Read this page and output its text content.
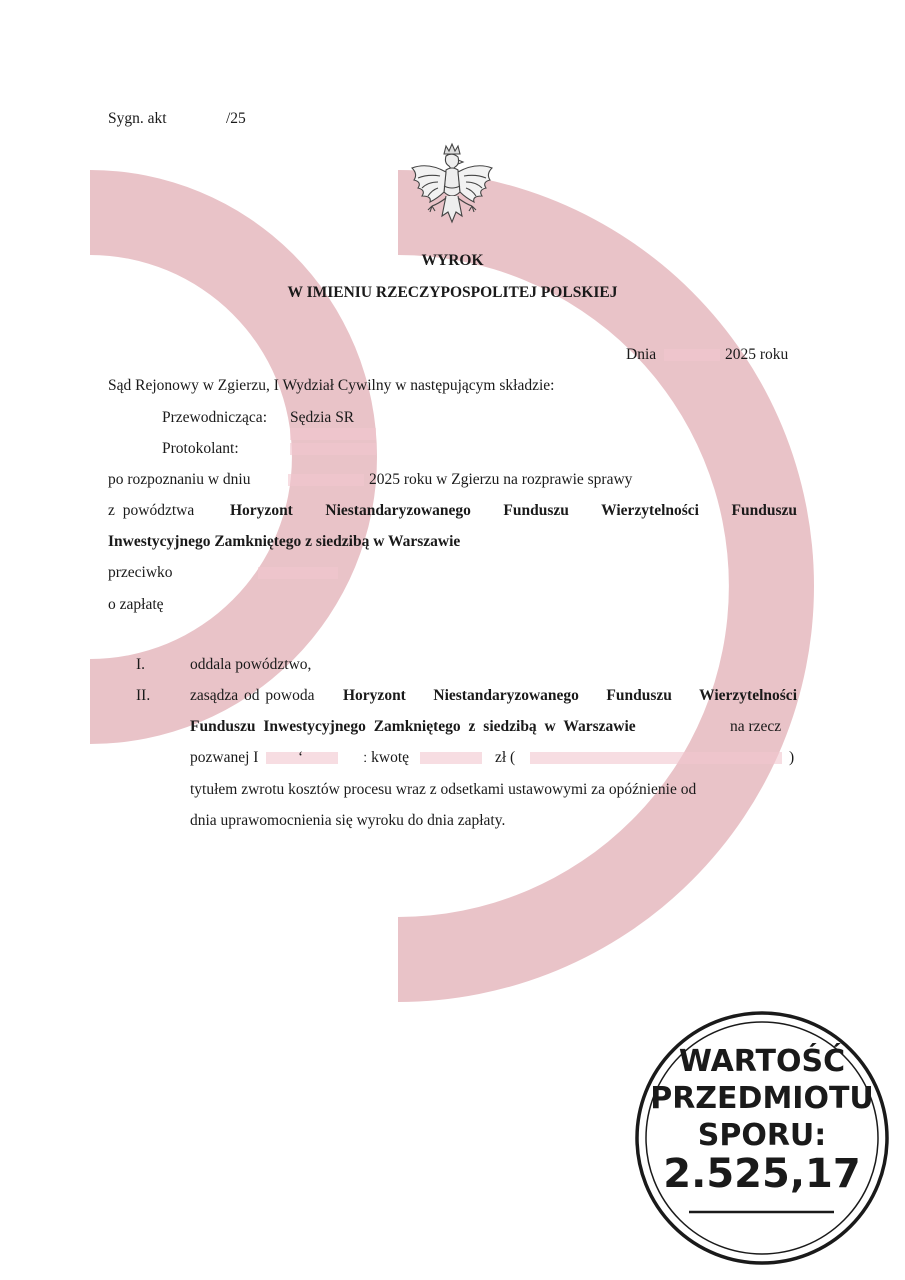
Sygn. akt	/25
WYROK
W IMIENIU RZECZYPOSPOLITEJ POLSKIEJ
Dnia	2025 roku
Sąd Rejonowy w Zgierzu, I Wydział Cywilny w następującym składzie:
Przewodnicząca: Sędzia SR
Protokolant:
po rozpoznaniu w dniu	2025 roku w Zgierzu na rozprawie sprawy
z powództwa Horyzont Niestandaryzowanego Funduszu Wierzytelności Funduszu
Inwestycyjnego Zamkniętego z siedzibą w Warszawie
przeciwko
o zapłatę
I.	oddala powództwo,
II.	zasądza od powoda Horyzont Niestandaryzowanego Funduszu Wierzytelności
Funduszu Inwestycyjnego Zamkniętego z siedzibą w Warszawie	na rzecz
pozwanej I	ʻ	ː kwotę	zł (	)
tytułem zwrotu kosztów procesu wraz z odsetkami ustawowymi za opóźnienie od
dnia uprawomocnienia się wyroku do dnia zapłaty.
WARTOŚĆ
PRZEDMIOTU
SPORU:
2.525,17
